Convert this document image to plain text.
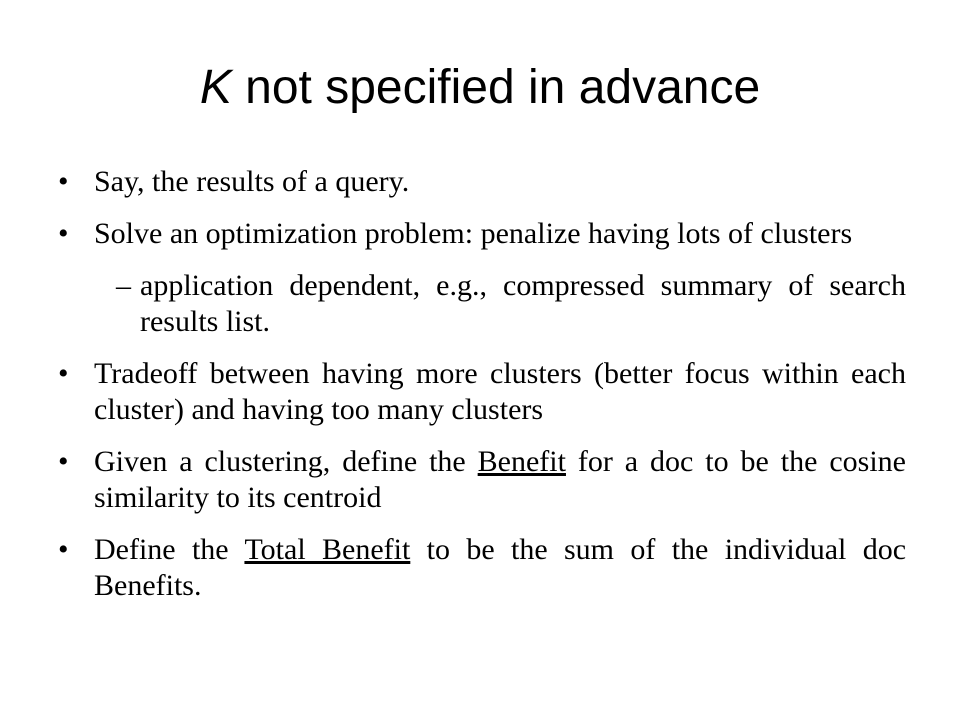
K not specified in advance
• Say, the results of a query.
• Solve an optimization problem: penalize having lots of clusters
– application dependent, e.g., compressed summary of search results list.
• Tradeoff between having more clusters (better focus within each cluster) and having too many clusters
• Given a clustering, define the Benefit for a doc to be the cosine similarity to its centroid
• Define the Total Benefit to be the sum of the individual doc Benefits.
